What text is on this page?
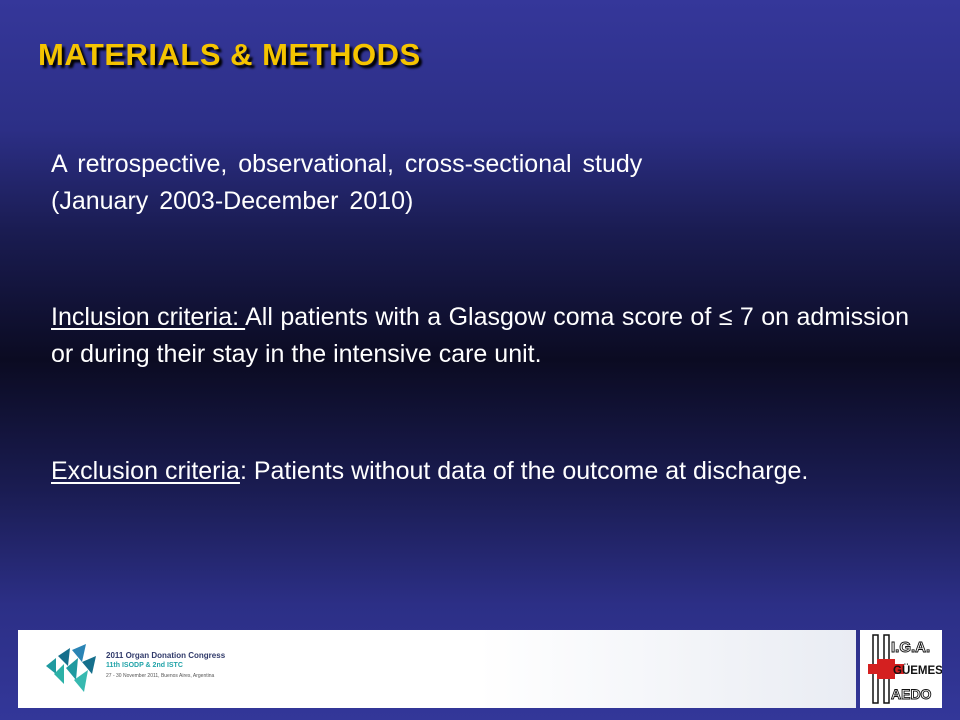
MATERIALS & METHODS

A retrospective, observational, cross-sectional study
(January 2003-December 2010)

Inclusion criteria: All patients with a Glasgow coma score of ≤ 7 on admission or during their stay in the intensive care unit.

Exclusion criteria: Patients without data of the outcome at discharge.

2011 Organ Donation Congress
11th ISODP & 2nd ISTC
27 - 30 November 2011, Buenos Aires, Argentina
I.G.A.
GÜEMES
AEDO
